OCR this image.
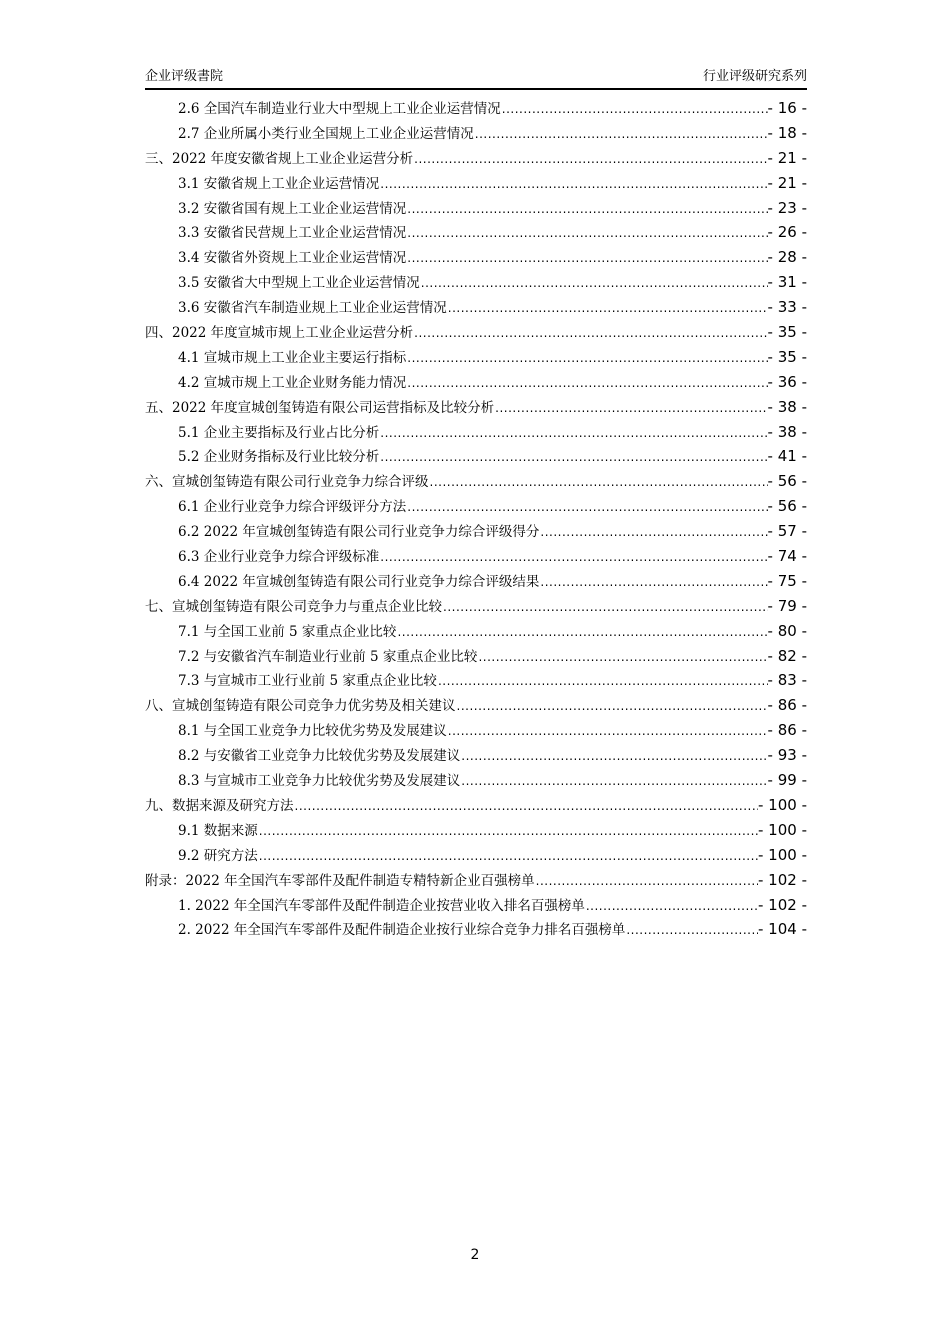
企业评级書院	行业评级研究系列
2.6 全国汽车制造业行业大中型规上工业企业运营情况 .....	- 16 -
2.7 企业所属小类行业全国规上工业企业运营情况 .....	- 18 -
三、2022 年度安徽省规上工业企业运营分析 .....	- 21 -
3.1 安徽省规上工业企业运营情况 .....	- 21 -
3.2 安徽省国有规上工业企业运营情况 .....	- 23 -
3.3 安徽省民营规上工业企业运营情况 .....	- 26 -
3.4 安徽省外资规上工业企业运营情况 .....	- 28 -
3.5 安徽省大中型规上工业企业运营情况 .....	- 31 -
3.6 安徽省汽车制造业规上工业企业运营情况 .....	- 33 -
四、2022 年度宣城市规上工业企业运营分析 .....	- 35 -
4.1 宣城市规上工业企业主要运行指标 .....	- 35 -
4.2 宣城市规上工业企业财务能力情况 .....	- 36 -
五、2022 年度宣城创玺铸造有限公司运营指标及比较分析 .....	- 38 -
5.1 企业主要指标及行业占比分析 .....	- 38 -
5.2 企业财务指标及行业比较分析 .....	- 41 -
六、宣城创玺铸造有限公司行业竞争力综合评级 .....	- 56 -
6.1 企业行业竞争力综合评级评分方法 .....	- 56 -
6.2 2022 年宣城创玺铸造有限公司行业竞争力综合评级得分 .....	- 57 -
6.3 企业行业竞争力综合评级标准 .....	- 74 -
6.4 2022 年宣城创玺铸造有限公司行业竞争力综合评级结果 .....	- 75 -
七、宣城创玺铸造有限公司竞争力与重点企业比较 .....	- 79 -
7.1 与全国工业前 5 家重点企业比较 .....	- 80 -
7.2 与安徽省汽车制造业行业前 5 家重点企业比较 .....	- 82 -
7.3 与宣城市工业行业前 5 家重点企业比较 .....	- 83 -
八、宣城创玺铸造有限公司竞争力优劣势及相关建议 .....	- 86 -
8.1 与全国工业竞争力比较优劣势及发展建议 .....	- 86 -
8.2 与安徽省工业竞争力比较优劣势及发展建议 .....	- 93 -
8.3 与宣城市工业竞争力比较优劣势及发展建议 .....	- 99 -
九、数据来源及研究方法 .....	- 100 -
9.1 数据来源 .....	- 100 -
9.2 研究方法 .....	- 100 -
附录：2022 年全国汽车零部件及配件制造专精特新企业百强榜单 .....	- 102 -
1. 2022 年全国汽车零部件及配件制造企业按营业收入排名百强榜单 .....	- 102 -
2. 2022 年全国汽车零部件及配件制造企业按行业综合竞争力排名百强榜单 .....	- 104 -
2
